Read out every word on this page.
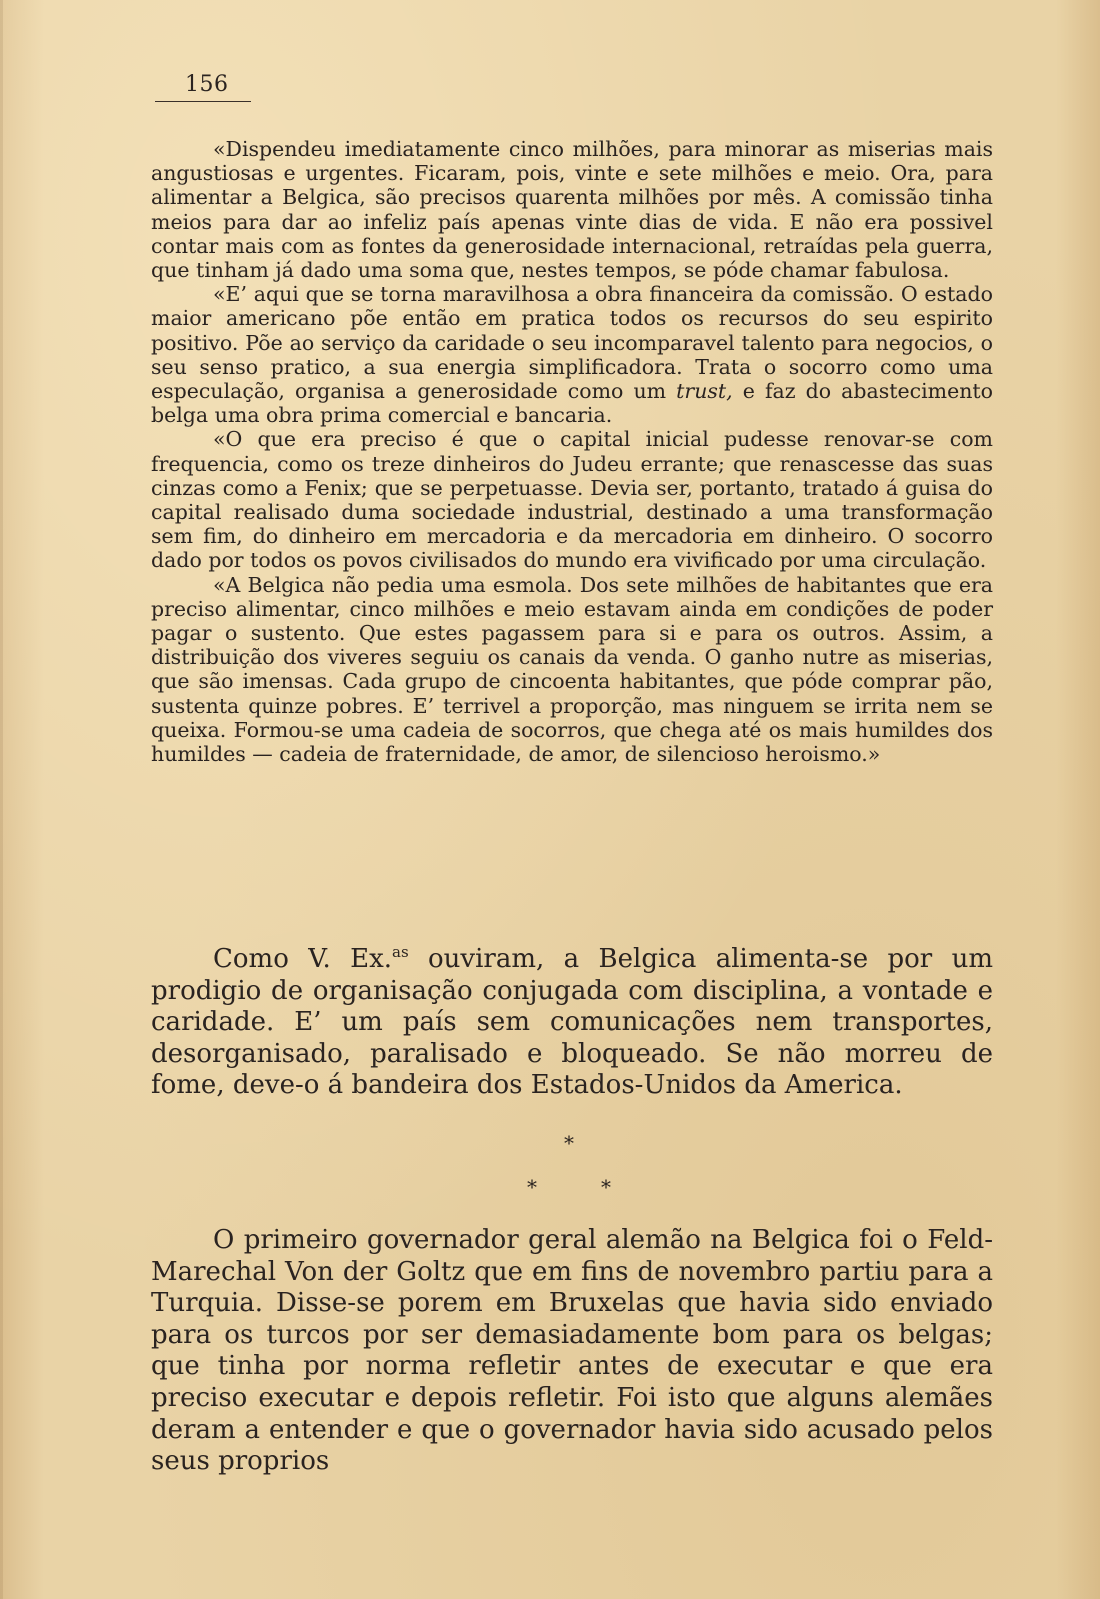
156

«Dispendeu imediatamente cinco milhões, para minorar as miserias mais angustiosas e urgentes. Ficaram, pois, vinte e sete milhões e meio. Ora, para alimentar a Belgica, são precisos quarenta milhões por mês. A comissão tinha meios para dar ao infeliz país apenas vinte dias de vida. E não era possivel contar mais com as fontes da generosidade internacional, retraídas pela guerra, que tinham já dado uma soma que, nestes tempos, se póde chamar fabulosa.

«E’ aqui que se torna maravilhosa a obra financeira da comissão. O estado maior americano põe então em pratica todos os recursos do seu espirito positivo. Põe ao serviço da caridade o seu incomparavel talento para negocios, o seu senso pratico, a sua energia simplificadora. Trata o socorro como uma especulação, organisa a generosidade como um trust, e faz do abastecimento belga uma obra prima comercial e bancaria.

«O que era preciso é que o capital inicial pudesse renovar-se com frequencia, como os treze dinheiros do Judeu errante; que renascesse das suas cinzas como a Fenix; que se perpetuasse. Devia ser, portanto, tratado á guisa do capital realisado duma sociedade industrial, destinado a uma transformação sem fim, do dinheiro em mercadoria e da mercadoria em dinheiro. O socorro dado por todos os povos civilisados do mundo era vivificado por uma circulação.

«A Belgica não pedia uma esmola. Dos sete milhões de habitantes que era preciso alimentar, cinco milhões e meio estavam ainda em condições de poder pagar o sustento. Que estes pagassem para si e para os outros. Assim, a distribuição dos viveres seguiu os canais da venda. O ganho nutre as miserias, que são imensas. Cada grupo de cincoenta habitantes, que póde comprar pão, sustenta quinze pobres. E’ terrivel a proporção, mas ninguem se irrita nem se queixa. Formou-se uma cadeia de socorros, que chega até os mais humildes dos humildes — cadeia de fraternidade, de amor, de silencioso heroismo.»

Como V. Ex.$^{as}$ ouviram, a Belgica alimenta-se por um prodigio de organisação conjugada com disciplina, a vontade e caridade. E’ um país sem comunicações nem transportes, desorganisado, paralisado e bloqueado. Se não morreu de fome, deve-o á bandeira dos Estados-Unidos da America.

*
*	*

O primeiro governador geral alemão na Belgica foi o Feld-Marechal Von der Goltz que em fins de novembro partiu para a Turquia. Disse-se porem em Bruxelas que havia sido enviado para os turcos por ser demasiadamente bom para os belgas; que tinha por norma refletir antes de executar e que era preciso executar e depois refletir. Foi isto que alguns alemães deram a entender e que o governador havia sido acusado pelos seus proprios
